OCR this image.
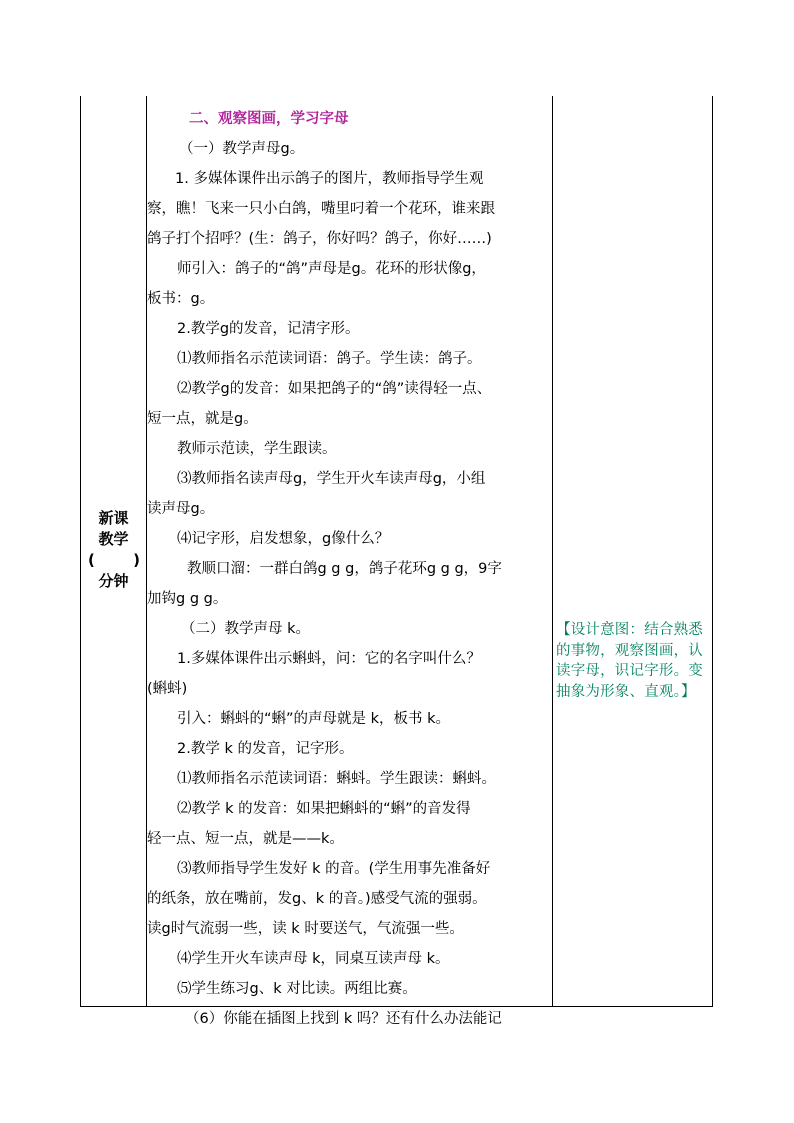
新课
教学
(	)
分钟

二、观察图画，学习字母

（一）教学声母g。

1. 多媒体课件出示鸽子的图片，教师指导学生观

察，瞧！飞来一只小白鸽，嘴里叼着一个花环，谁来跟

鸽子打个招呼？(生：鸽子，你好吗？鸽子，你好……)

师引入：鸽子的“鸽”声母是g。花环的形状像g，

板书：g。

2.教学g的发音，记清字形。

⑴教师指名示范读词语：鸽子。学生读：鸽子。

⑵教学g的发音：如果把鸽子的“鸽”读得轻一点、

短一点，就是g。

教师示范读，学生跟读。

⑶教师指名读声母g，学生开火车读声母g，小组

读声母g。

⑷记字形，启发想象，g像什么？

教顺口溜：一群白鸽g g g，鸽子花环g g g，9字

加钩g g g。

（二）教学声母 k。

1.多媒体课件出示蝌蚪，问：它的名字叫什么？

(蝌蚪)

引入：蝌蚪的“蝌”的声母就是 k，板书 k。

2.教学 k 的发音，记字形。

⑴教师指名示范读词语：蝌蚪。学生跟读：蝌蚪。

⑵教学 k 的发音：如果把蝌蚪的“蝌”的音发得

轻一点、短一点，就是——k。

⑶教师指导学生发好 k 的音。(学生用事先准备好

的纸条，放在嘴前，发g、k 的音。)感受气流的强弱。

读g时气流弱一些，读 k 时要送气，气流强一些。

⑷学生开火车读声母 k，同桌互读声母 k。

⑸学生练习g、k 对比读。两组比赛。

（6）你能在插图上找到 k 吗？还有什么办法能记

【设计意图：结合熟悉的事物，观察图画，认读字母，识记字形。变抽象为形象、直观。】
